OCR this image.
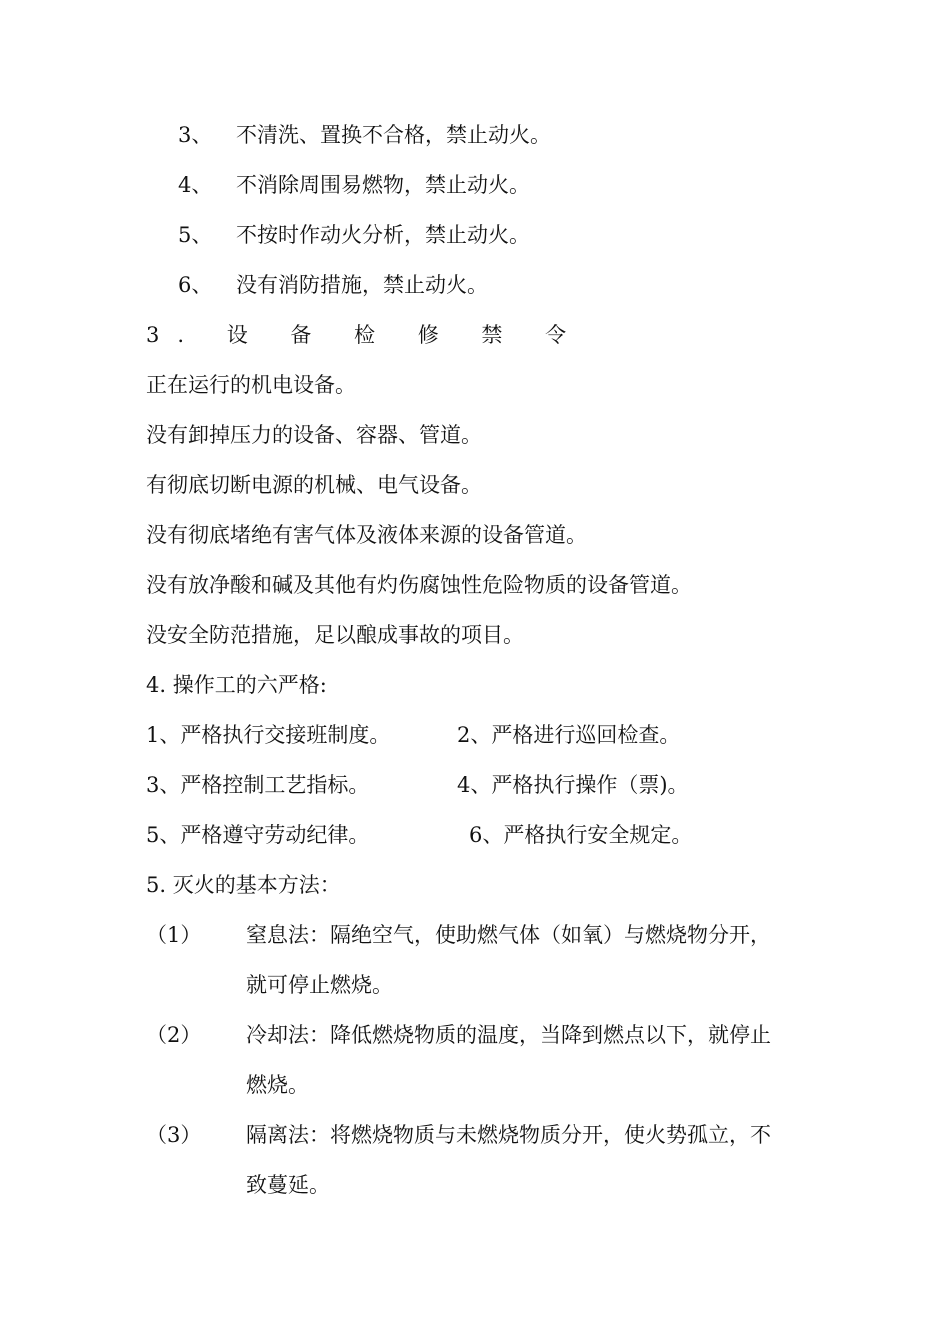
3、 不清洗、置换不合格，禁止动火。
4、 不消除周围易燃物，禁止动火。
5、 不按时作动火分析，禁止动火。
6、 没有消防措施，禁止动火。
3. 设 备 检 修 禁 令
正在运行的机电设备。
没有卸掉压力的设备、容器、管道。
有彻底切断电源的机械、电气设备。
没有彻底堵绝有害气体及液体来源的设备管道。
没有放净酸和碱及其他有灼伤腐蚀性危险物质的设备管道。
没安全防范措施，足以酿成事故的项目。
4. 操作工的六严格:
1、严格执行交接班制度。	2、严格进行巡回检查。
3、严格控制工艺指标。	4、严格执行操作（票)。
5、严格遵守劳动纪律。	6、严格执行安全规定。
5. 灭火的基本方法：
（1） 窒息法：隔绝空气，使助燃气体（如氧）与燃烧物分开，
就可停止燃烧。
（2） 冷却法：降低燃烧物质的温度，当降到燃点以下，就停止
燃烧。
（3） 隔离法：将燃烧物质与未燃烧物质分开，使火势孤立，不
致蔓延。
